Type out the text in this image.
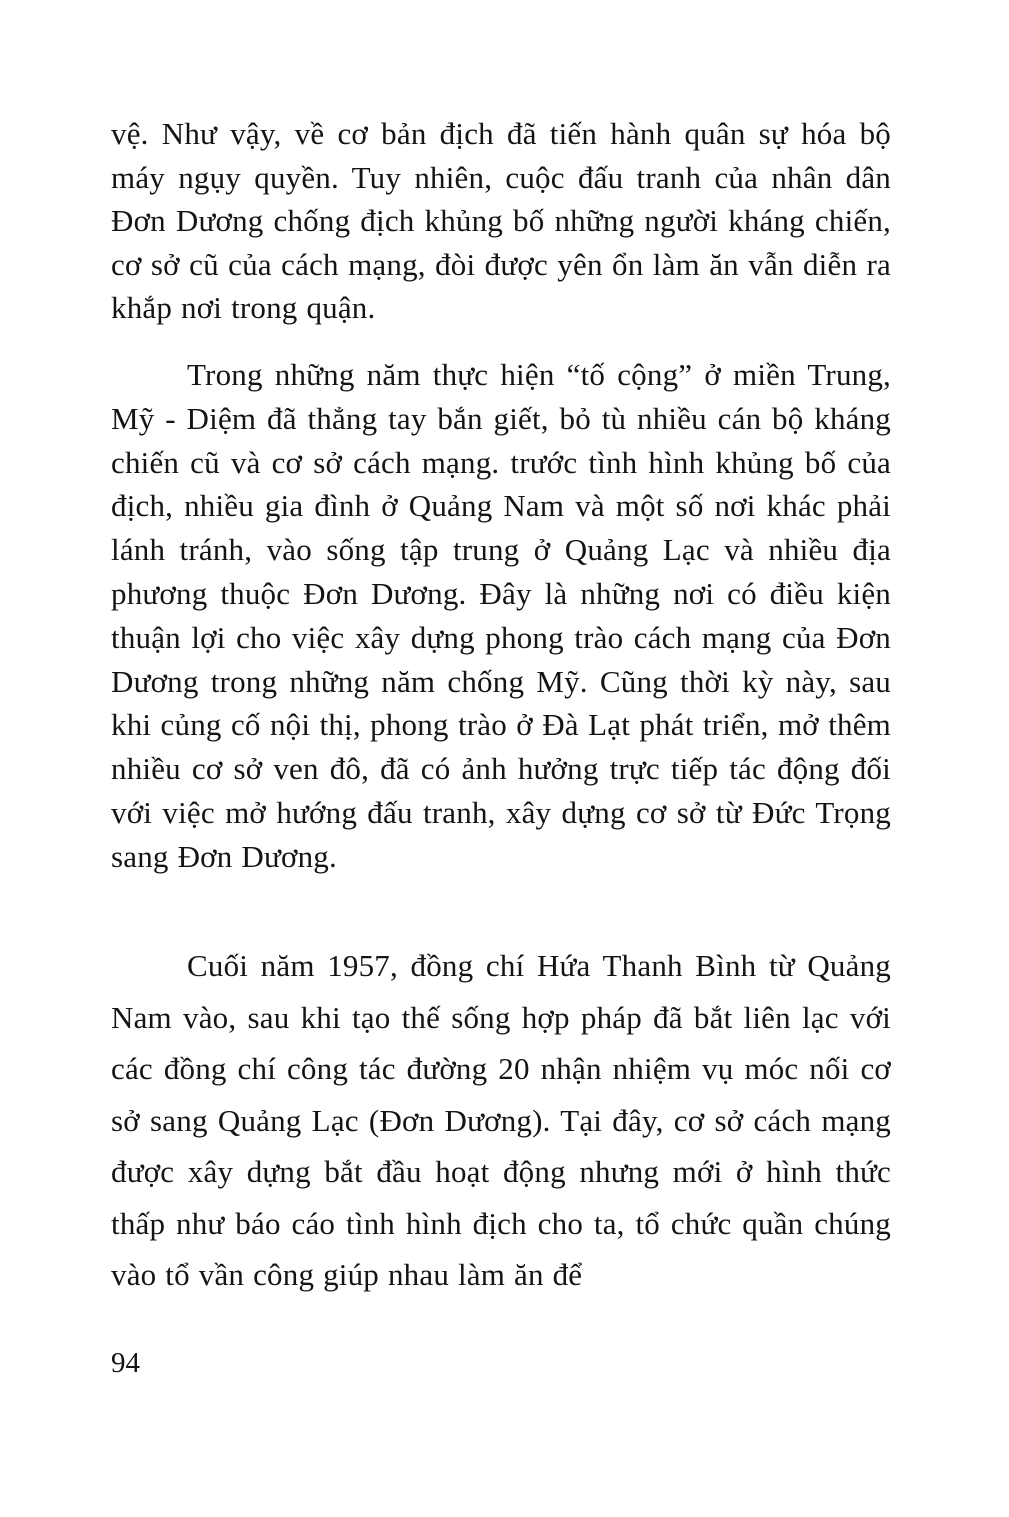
vệ. Như vậy, về cơ bản địch đã tiến hành quân sự hóa bộ máy ngụy quyền. Tuy nhiên, cuộc đấu tranh của nhân dân Đơn Dương chống địch khủng bố những người kháng chiến, cơ sở cũ của cách mạng, đòi được yên ổn làm ăn vẫn diễn ra khắp nơi trong quận.

Trong những năm thực hiện “tố cộng” ở miền Trung, Mỹ - Diệm đã thẳng tay bắn giết, bỏ tù nhiều cán bộ kháng chiến cũ và cơ sở cách mạng. trước tình hình khủng bố của địch, nhiều gia đình ở Quảng Nam và một số nơi khác phải lánh tránh, vào sống tập trung ở Quảng Lạc và nhiều địa phương thuộc Đơn Dương. Đây là những nơi có điều kiện thuận lợi cho việc xây dựng phong trào cách mạng của Đơn Dương trong những năm chống Mỹ. Cũng thời kỳ này, sau khi củng cố nội thị, phong trào ở Đà Lạt phát triển, mở thêm nhiều cơ sở ven đô, đã có ảnh hưởng trực tiếp tác động đối với việc mở hướng đấu tranh, xây dựng cơ sở từ Đức Trọng sang Đơn Dương.

Cuối năm 1957, đồng chí Hứa Thanh Bình từ Quảng Nam vào, sau khi tạo thế sống hợp pháp đã bắt liên lạc với các đồng chí công tác đường 20 nhận nhiệm vụ móc nối cơ sở sang Quảng Lạc (Đơn Dương). Tại đây, cơ sở cách mạng được xây dựng bắt đầu hoạt động nhưng mới ở hình thức thấp như báo cáo tình hình địch cho ta, tổ chức quần chúng vào tổ vần công giúp nhau làm ăn để

94
